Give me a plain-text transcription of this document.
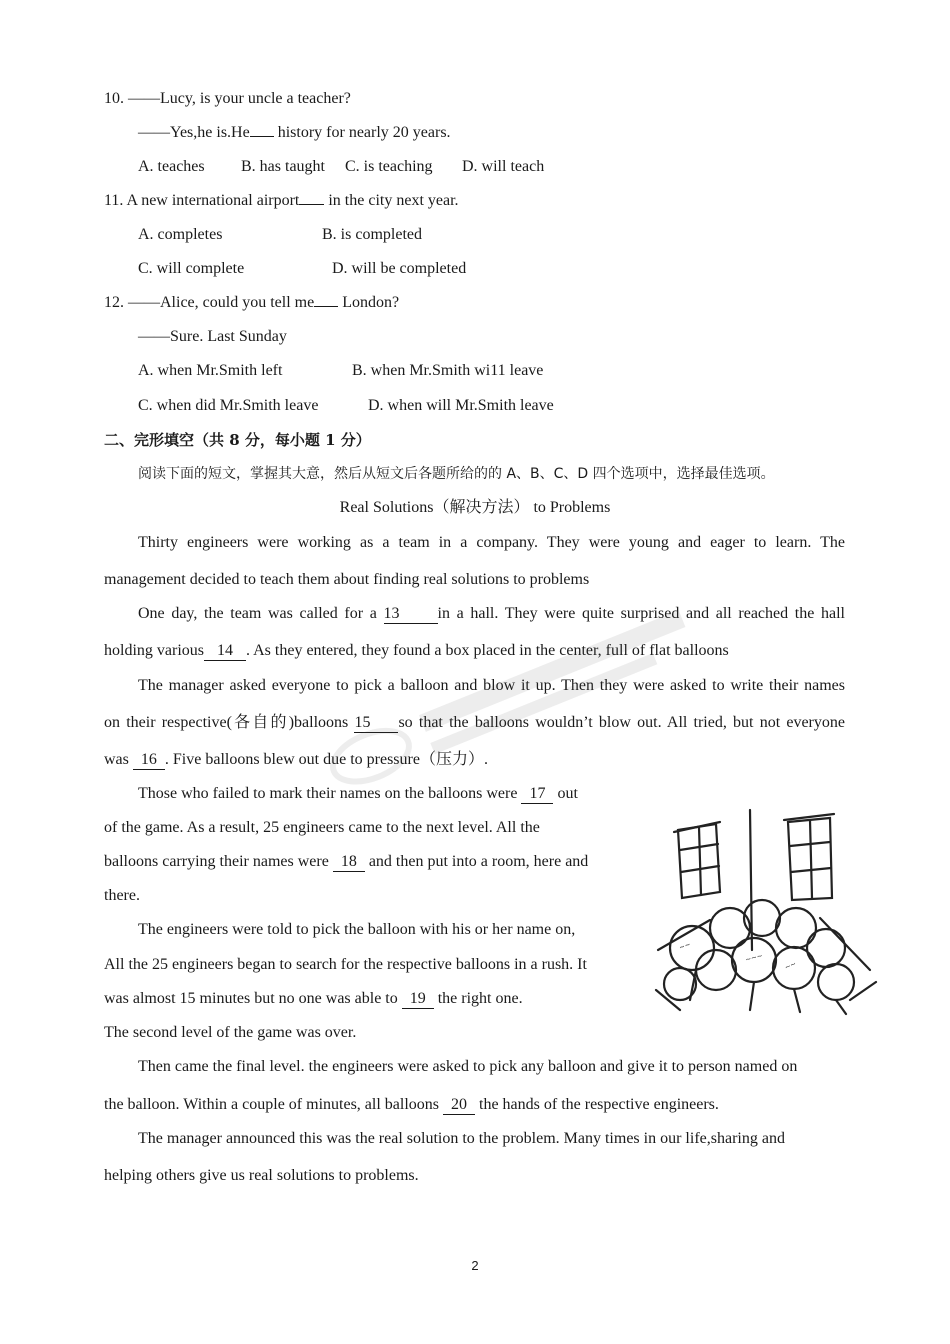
10. ——Lucy, is your uncle a teacher?
——Yes,he is.He history for nearly 20 years.
A. teaches B. has taught C. is teaching D. will teach
11. A new international airport in the city next year.
A. completes	B. is completed
C. will complete	D. will be completed
12. ——Alice, could you tell me London?
——Sure. Last Sunday
A. when Mr.Smith left	B. when Mr.Smith wi11 leave
C. when did Mr.Smith leave	D. when will Mr.Smith leave
二、完形填空（共 8 分，每小题 1 分）
阅读下面的短文，掌握其大意，然后从短文后各题所给的的 A、B、C、D 四个选项中，选择最佳选项。
Real Solutions（解决方法） to Problems
Thirty engineers were working as a team in a company. They were young and eager to learn. The
management decided to teach them about finding real solutions to problems
One day, the team was called for a 13 in a hall. They were quite surprised and all reached the hall
holding various 14 . As they entered, they found a box placed in the center, full of flat balloons
The manager asked everyone to pick a balloon and blow it up. Then they were asked to write their names
on their respective(各自的)balloons 15 so that the balloons wouldn’t blow out. All tried, but not everyone
was 16 . Five balloons blew out due to pressure（压力）.
Those who failed to mark their names on the balloons were 17 out
of the game. As a result, 25 engineers came to the next level. All the
balloons carrying their names were 18 and then put into a room, here and
there.
The engineers were told to pick the balloon with his or her name on,
All the 25 engineers began to search for the respective balloons in a rush. It
was almost 15 minutes but no one was able to 19 the right one.
The second level of the game was over.
Then came the final level. the engineers were asked to pick any balloon and give it to person named on
the balloon. Within a couple of minutes, all balloons 20 the hands of the respective engineers.
The manager announced this was the real solution to the problem. Many times in our life,sharing and
helping others give us real solutions to problems.
~~
~~~
~~
2
